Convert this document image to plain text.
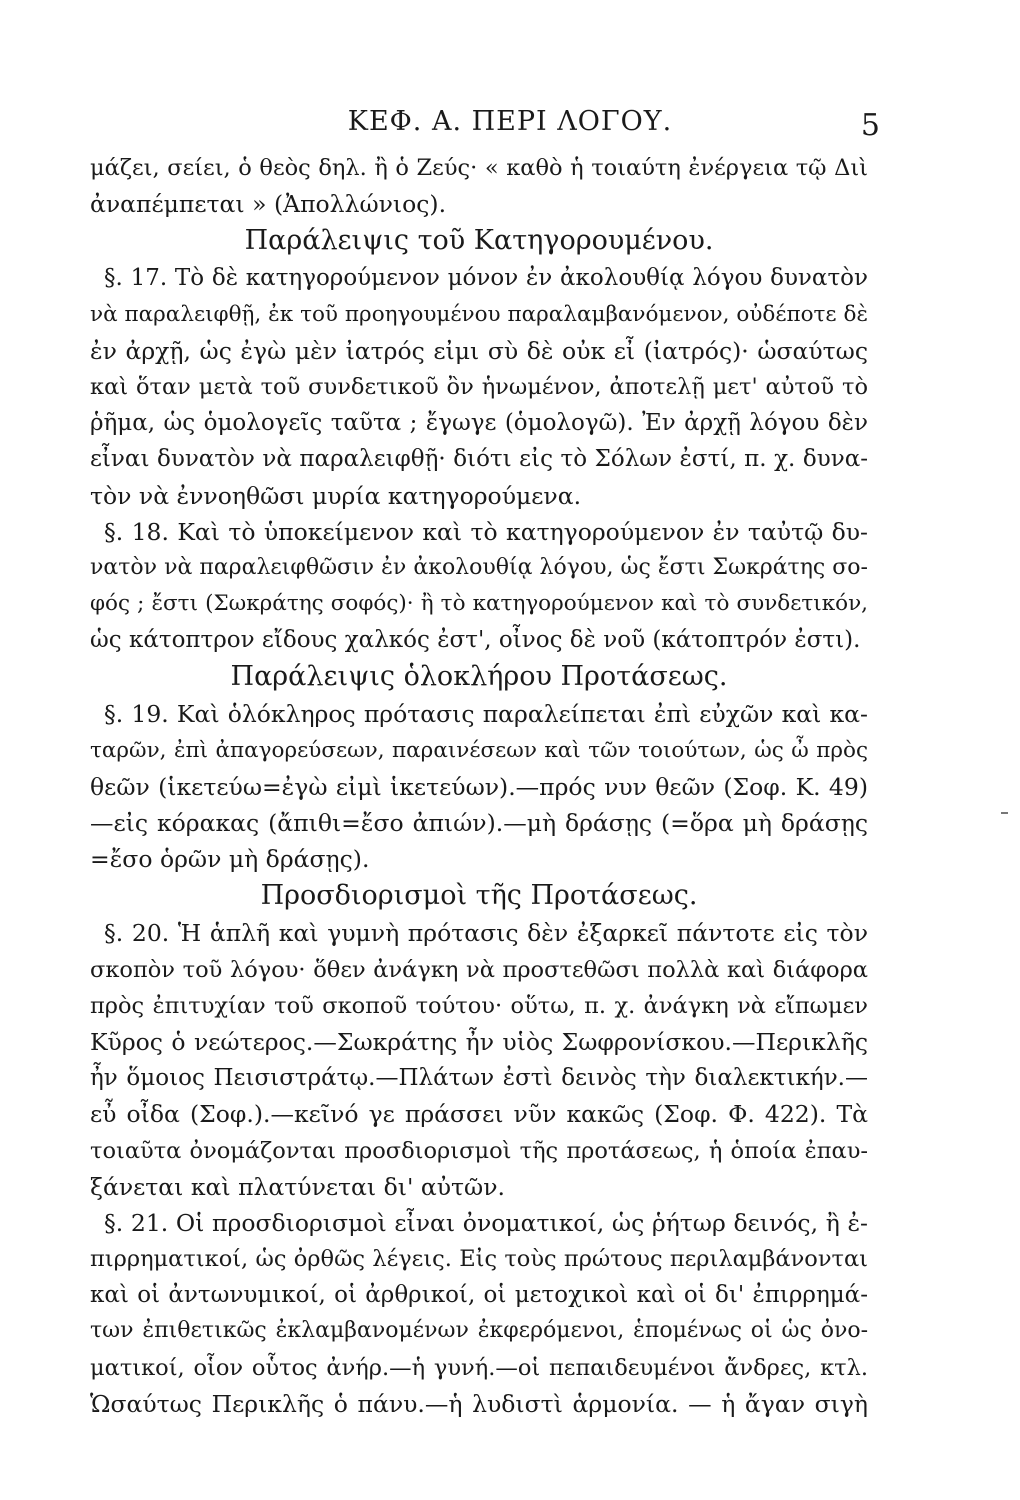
ΚΕΦ. Α. ΠΕΡΙ ΛΟΓΟΥ.	5
μάζει, σείει, ὁ θεὸς δηλ. ἢ ὁ Ζεύς· « καθὸ ἡ τοιαύτη ἐνέργεια τῷ Διὶ
ἀναπέμπεται » (Ἀπολλώνιος).
Παράλειψις τοῦ Κατηγορουμένου.
§. 17. Τὸ δὲ κατηγορούμενον μόνον ἐν ἀκολουθίᾳ λόγου δυνατὸν
νὰ παραλειφθῇ, ἐκ τοῦ προηγουμένου παραλαμβανόμενον, οὐδέποτε δὲ
ἐν ἀρχῇ, ὡς ἐγὼ μὲν ἰατρός εἰμι σὺ δὲ οὐκ εἶ (ἰατρός)· ὡσαύτως
καὶ ὅταν μετὰ τοῦ συνδετικοῦ ὂν ἡνωμένον, ἀποτελῇ μετ' αὐτοῦ τὸ
ῥῆμα, ὡς ὁμολογεῖς ταῦτα ; ἔγωγε (ὁμολογῶ). Ἐν ἀρχῇ λόγου δὲν
εἶναι δυνατὸν νὰ παραλειφθῇ· διότι εἰς τὸ Σόλων ἐστί, π. χ. δυνα-
τὸν νὰ ἐννοηθῶσι μυρία κατηγορούμενα.
§. 18. Καὶ τὸ ὑποκείμενον καὶ τὸ κατηγορούμενον ἐν ταὐτῷ δυ-
νατὸν νὰ παραλειφθῶσιν ἐν ἀκολουθίᾳ λόγου, ὡς ἔστι Σωκράτης σο-
φός ; ἔστι (Σωκράτης σοφός)· ἢ τὸ κατηγορούμενον καὶ τὸ συνδετικόν,
ὡς κάτοπτρον εἴδους χαλκός ἐστ', οἶνος δὲ νοῦ (κάτοπτρόν ἐστι).
Παράλειψις ὁλοκλήρου Προτάσεως.
§. 19. Καὶ ὁλόκληρος πρότασις παραλείπεται ἐπὶ εὐχῶν καὶ κα-
ταρῶν, ἐπὶ ἀπαγορεύσεων, παραινέσεων καὶ τῶν τοιούτων, ὡς ὦ πρὸς
θεῶν (ἱκετεύω=ἐγὼ εἰμὶ ἱκετεύων).—πρός νυν θεῶν (Σοφ. Κ. 49)
—εἰς κόρακας (ἄπιθι=ἔσο ἀπιών).—μὴ δράσῃς (=ὅρα μὴ δράσῃς
=ἔσο ὁρῶν μὴ δράσῃς).
Προσδιορισμοὶ τῆς Προτάσεως.
§. 20. Ἡ ἁπλῆ καὶ γυμνὴ πρότασις δὲν ἐξαρκεῖ πάντοτε εἰς τὸν
σκοπὸν τοῦ λόγου· ὅθεν ἀνάγκη νὰ προστεθῶσι πολλὰ καὶ διάφορα
πρὸς ἐπιτυχίαν τοῦ σκοποῦ τούτου· οὕτω, π. χ. ἀνάγκη νὰ εἴπωμεν
Κῦρος ὁ νεώτερος.—Σωκράτης ἦν υἱὸς Σωφρονίσκου.—Περικλῆς
ἦν ὅμοιος Πεισιστράτῳ.—Πλάτων ἐστὶ δεινὸς τὴν διαλεκτικήν.—
εὖ οἶδα (Σοφ.).—κεῖνό γε πράσσει νῦν κακῶς (Σοφ. Φ. 422). Τὰ
τοιαῦτα ὀνομάζονται προσδιορισμοὶ τῆς προτάσεως, ἡ ὁποία ἐπαυ-
ξάνεται καὶ πλατύνεται δι' αὐτῶν.
§. 21. Οἱ προσδιορισμοὶ εἶναι ὀνοματικοί, ὡς ῥήτωρ δεινός, ἢ ἐ-
πιρρηματικοί, ὡς ὀρθῶς λέγεις. Εἰς τοὺς πρώτους περιλαμβάνονται
καὶ οἱ ἀντωνυμικοί, οἱ ἀρθρικοί, οἱ μετοχικοὶ καὶ οἱ δι' ἐπιρρημά-
των ἐπιθετικῶς ἐκλαμβανομένων ἐκφερόμενοι, ἑπομένως οἱ ὡς ὀνο-
ματικοί, οἷον οὗτος ἀνήρ.—ἡ γυνή.—οἱ πεπαιδευμένοι ἄνδρες, κτλ.
Ὡσαύτως Περικλῆς ὁ πάνυ.—ἡ λυδιστὶ ἁρμονία. — ἡ ἄγαν σιγὴ
